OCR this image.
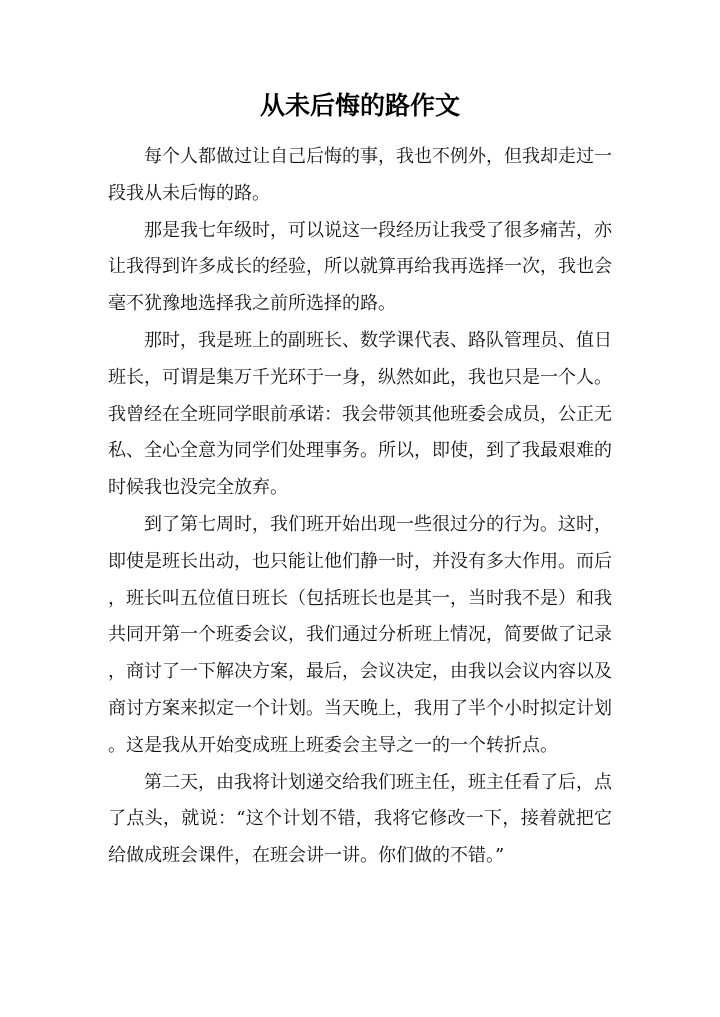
从未后悔的路作文

每个人都做过让自己后悔的事，我也不例外，但我却走过一段我从未后悔的路。

那是我七年级时，可以说这一段经历让我受了很多痛苦，亦让我得到许多成长的经验，所以就算再给我再选择一次，我也会毫不犹豫地选择我之前所选择的路。

那时，我是班上的副班长、数学课代表、路队管理员、值日班长，可谓是集万千光环于一身，纵然如此，我也只是一个人。我曾经在全班同学眼前承诺：我会带领其他班委会成员，公正无私、全心全意为同学们处理事务。所以，即使，到了我最艰难的时候我也没完全放弃。

到了第七周时，我们班开始出现一些很过分的行为。这时，即使是班长出动，也只能让他们静一时，并没有多大作用。而后，班长叫五位值日班长（包括班长也是其一，当时我不是）和我共同开第一个班委会议，我们通过分析班上情况，简要做了记录，商讨了一下解决方案，最后，会议决定，由我以会议内容以及商讨方案来拟定一个计划。当天晚上，我用了半个小时拟定计划。这是我从开始变成班上班委会主导之一的一个转折点。

第二天，由我将计划递交给我们班主任，班主任看了后，点了点头，就说：“这个计划不错，我将它修改一下，接着就把它给做成班会课件，在班会讲一讲。你们做的不错。”
